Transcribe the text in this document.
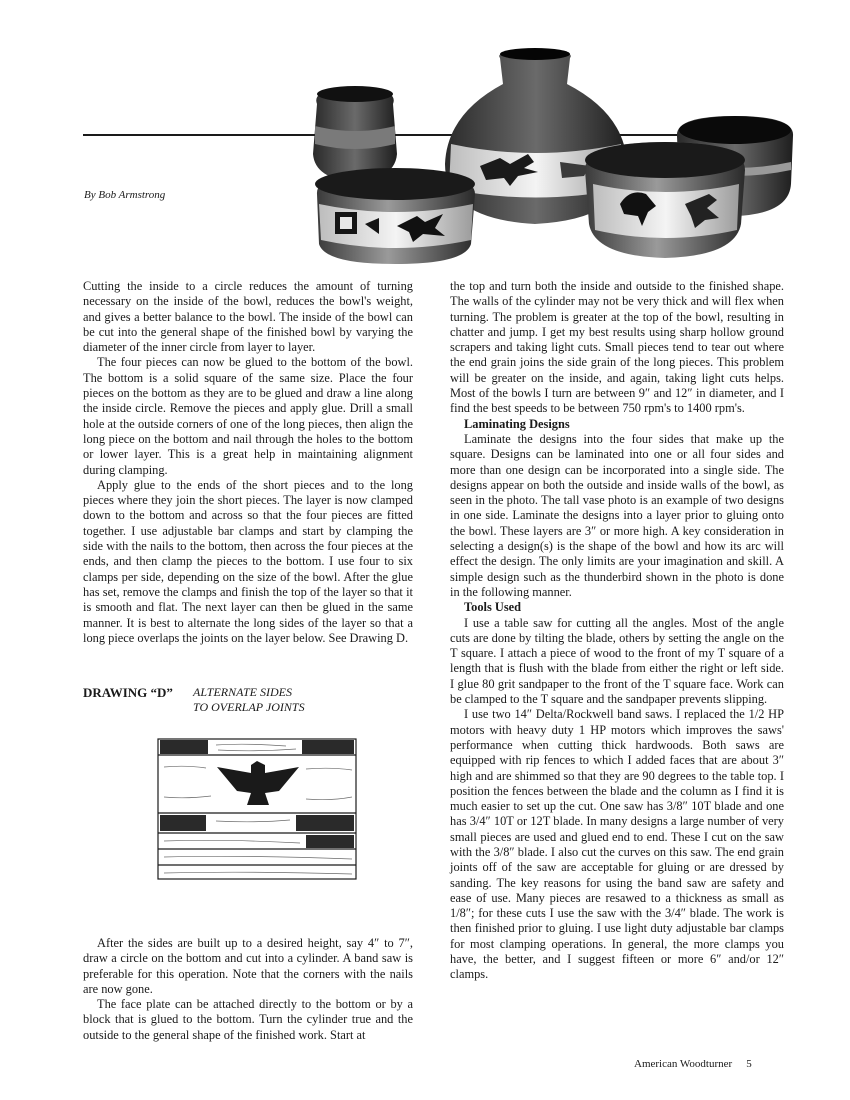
By Bob Armstrong

Cutting the inside to a circle reduces the amount of turning necessary on the inside of the bowl, reduces the bowl's weight, and gives a better balance to the bowl. The inside of the bowl can be cut into the general shape of the finished bowl by varying the diameter of the inner circle from layer to layer.

The four pieces can now be glued to the bottom of the bowl. The bottom is a solid square of the same size. Place the four pieces on the bottom as they are to be glued and draw a line along the inside circle. Remove the pieces and apply glue. Drill a small hole at the outside corners of one of the long pieces, then align the long piece on the bottom and nail through the holes to the bottom or lower layer. This is a great help in maintaining alignment during clamping.

Apply glue to the ends of the short pieces and to the long pieces where they join the short pieces. The layer is now clamped down to the bottom and across so that the four pieces are fitted together. I use adjustable bar clamps and start by clamping the side with the nails to the bottom, then across the four pieces at the ends, and then clamp the pieces to the bottom. I use four to six clamps per side, depending on the size of the bowl. After the glue has set, remove the clamps and finish the top of the layer so that it is smooth and flat. The next layer can then be glued in the same manner. It is best to alternate the long sides of the layer so that a long piece overlaps the joints on the layer below. See Drawing D.

DRAWING “D” ALTERNATE SIDES
TO OVERLAP JOINTS

After the sides are built up to a desired height, say 4″ to 7″, draw a circle on the bottom and cut into a cylinder. A band saw is preferable for this operation. Note that the corners with the nails are now gone.

The face plate can be attached directly to the bottom or by a block that is glued to the bottom. Turn the cylinder true and the outside to the general shape of the finished work. Start at

the top and turn both the inside and outside to the finished shape. The walls of the cylinder may not be very thick and will flex when turning. The problem is greater at the top of the bowl, resulting in chatter and jump. I get my best results using sharp hollow ground scrapers and taking light cuts. Small pieces tend to tear out where the end grain joins the side grain of the long pieces. This problem will be greater on the inside, and again, taking light cuts helps. Most of the bowls I turn are between 9″ and 12″ in diameter, and I find the best speeds to be between 750 rpm's to 1400 rpm's.

Laminating Designs

Laminate the designs into the four sides that make up the square. Designs can be laminated into one or all four sides and more than one design can be incorporated into a single side. The designs appear on both the outside and inside walls of the bowl, as seen in the photo. The tall vase photo is an example of two designs in one side. Laminate the designs into a layer prior to gluing onto the bowl. These layers are 3″ or more high. A key consideration in selecting a design(s) is the shape of the bowl and how its arc will effect the design. The only limits are your imagination and skill. A simple design such as the thunderbird shown in the photo is done in the following manner.

Tools Used

I use a table saw for cutting all the angles. Most of the angle cuts are done by tilting the blade, others by setting the angle on the T square. I attach a piece of wood to the front of my T square of a length that is flush with the blade from either the right or left side. I glue 80 grit sandpaper to the front of the T square face. Work can be clamped to the T square and the sandpaper prevents slipping.

I use two 14″ Delta/Rockwell band saws. I replaced the 1/2 HP motors with heavy duty 1 HP motors which improves the saws' performance when cutting thick hardwoods. Both saws are equipped with rip fences to which I added faces that are about 3″ high and are shimmed so that they are 90 degrees to the table top. I position the fences between the blade and the column as I find it is much easier to set up the cut. One saw has 3/8″ 10T blade and one has 3/4″ 10T or 12T blade. In many designs a large number of very small pieces are used and glued end to end. These I cut on the saw with the 3/8″ blade. I also cut the curves on this saw. The end grain joints off of the saw are acceptable for gluing or are dressed by sanding. The key reasons for using the band saw are safety and ease of use. Many pieces are resawed to a thickness as small as 1/8″; for these cuts I use the saw with the 3/4″ blade. The work is then finished prior to gluing. I use light duty adjustable bar clamps for most clamping operations. In general, the more clamps you have, the better, and I suggest fifteen or more 6″ and/or 12″ clamps.

American Woodturner 5
